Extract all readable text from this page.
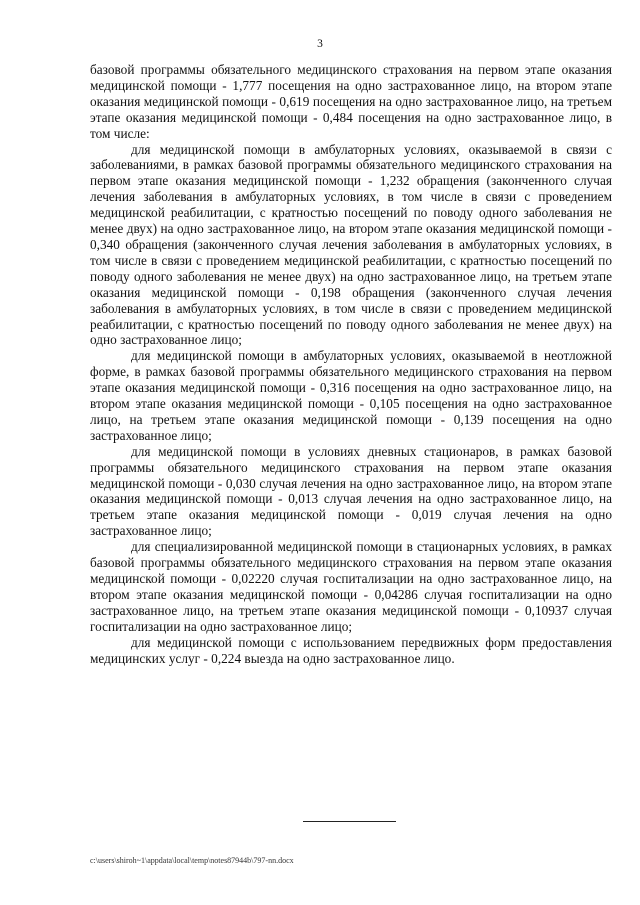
3

базовой программы обязательного медицинского страхования на первом этапе оказания медицинской помощи - 1,777 посещения на одно застрахованное лицо, на втором этапе оказания медицинской помощи - 0,619 посещения на одно застрахованное лицо, на третьем этапе оказания медицинской помощи - 0,484 посещения на одно застрахованное лицо, в том числе:

для медицинской помощи в амбулаторных условиях, оказываемой в связи с заболеваниями, в рамках базовой программы обязательного медицинского страхования на первом этапе оказания медицинской помощи - 1,232 обращения (законченного случая лечения заболевания в амбулаторных условиях, в том числе в связи с проведением медицинской реабилитации, с кратностью посещений по поводу одного заболевания не менее двух) на одно застрахованное лицо, на втором этапе оказания медицинской помощи - 0,340 обращения (законченного случая лечения заболевания в амбулаторных условиях, в том числе в связи с проведением медицинской реабилитации, с кратностью посещений по поводу одного заболевания не менее двух) на одно застрахованное лицо, на третьем этапе оказания медицинской помощи - 0,198 обращения (законченного случая лечения заболевания в амбулаторных условиях, в том числе в связи с проведением медицинской реабилитации, с кратностью посещений по поводу одного заболевания не менее двух) на одно застрахованное лицо;

для медицинской помощи в амбулаторных условиях, оказываемой в неотложной форме, в рамках базовой программы обязательного медицинского страхования на первом этапе оказания медицинской помощи - 0,316 посещения на одно застрахованное лицо, на втором этапе оказания медицинской помощи - 0,105 посещения на одно застрахованное лицо, на третьем этапе оказания медицинской помощи - 0,139 посещения на одно застрахованное лицо;

для медицинской помощи в условиях дневных стационаров, в рамках базовой программы обязательного медицинского страхования на первом этапе оказания медицинской помощи - 0,030 случая лечения на одно застрахованное лицо, на втором этапе оказания медицинской помощи - 0,013 случая лечения на одно застрахованное лицо, на третьем этапе оказания медицинской помощи - 0,019 случая лечения на одно застрахованное лицо;

для специализированной медицинской помощи в стационарных условиях, в рамках базовой программы обязательного медицинского страхования на первом этапе оказания медицинской помощи - 0,02220 случая госпитализации на одно застрахованное лицо, на втором этапе оказания медицинской помощи - 0,04286 случая госпитализации на одно застрахованное лицо, на третьем этапе оказания медицинской помощи - 0,10937 случая госпитализации на одно застрахованное лицо;

для медицинской помощи с использованием передвижных форм предоставления медицинских услуг - 0,224 выезда на одно застрахованное лицо.

c:\users\shiroh~1\appdata\local\temp\notes87944b\797-nn.docx
